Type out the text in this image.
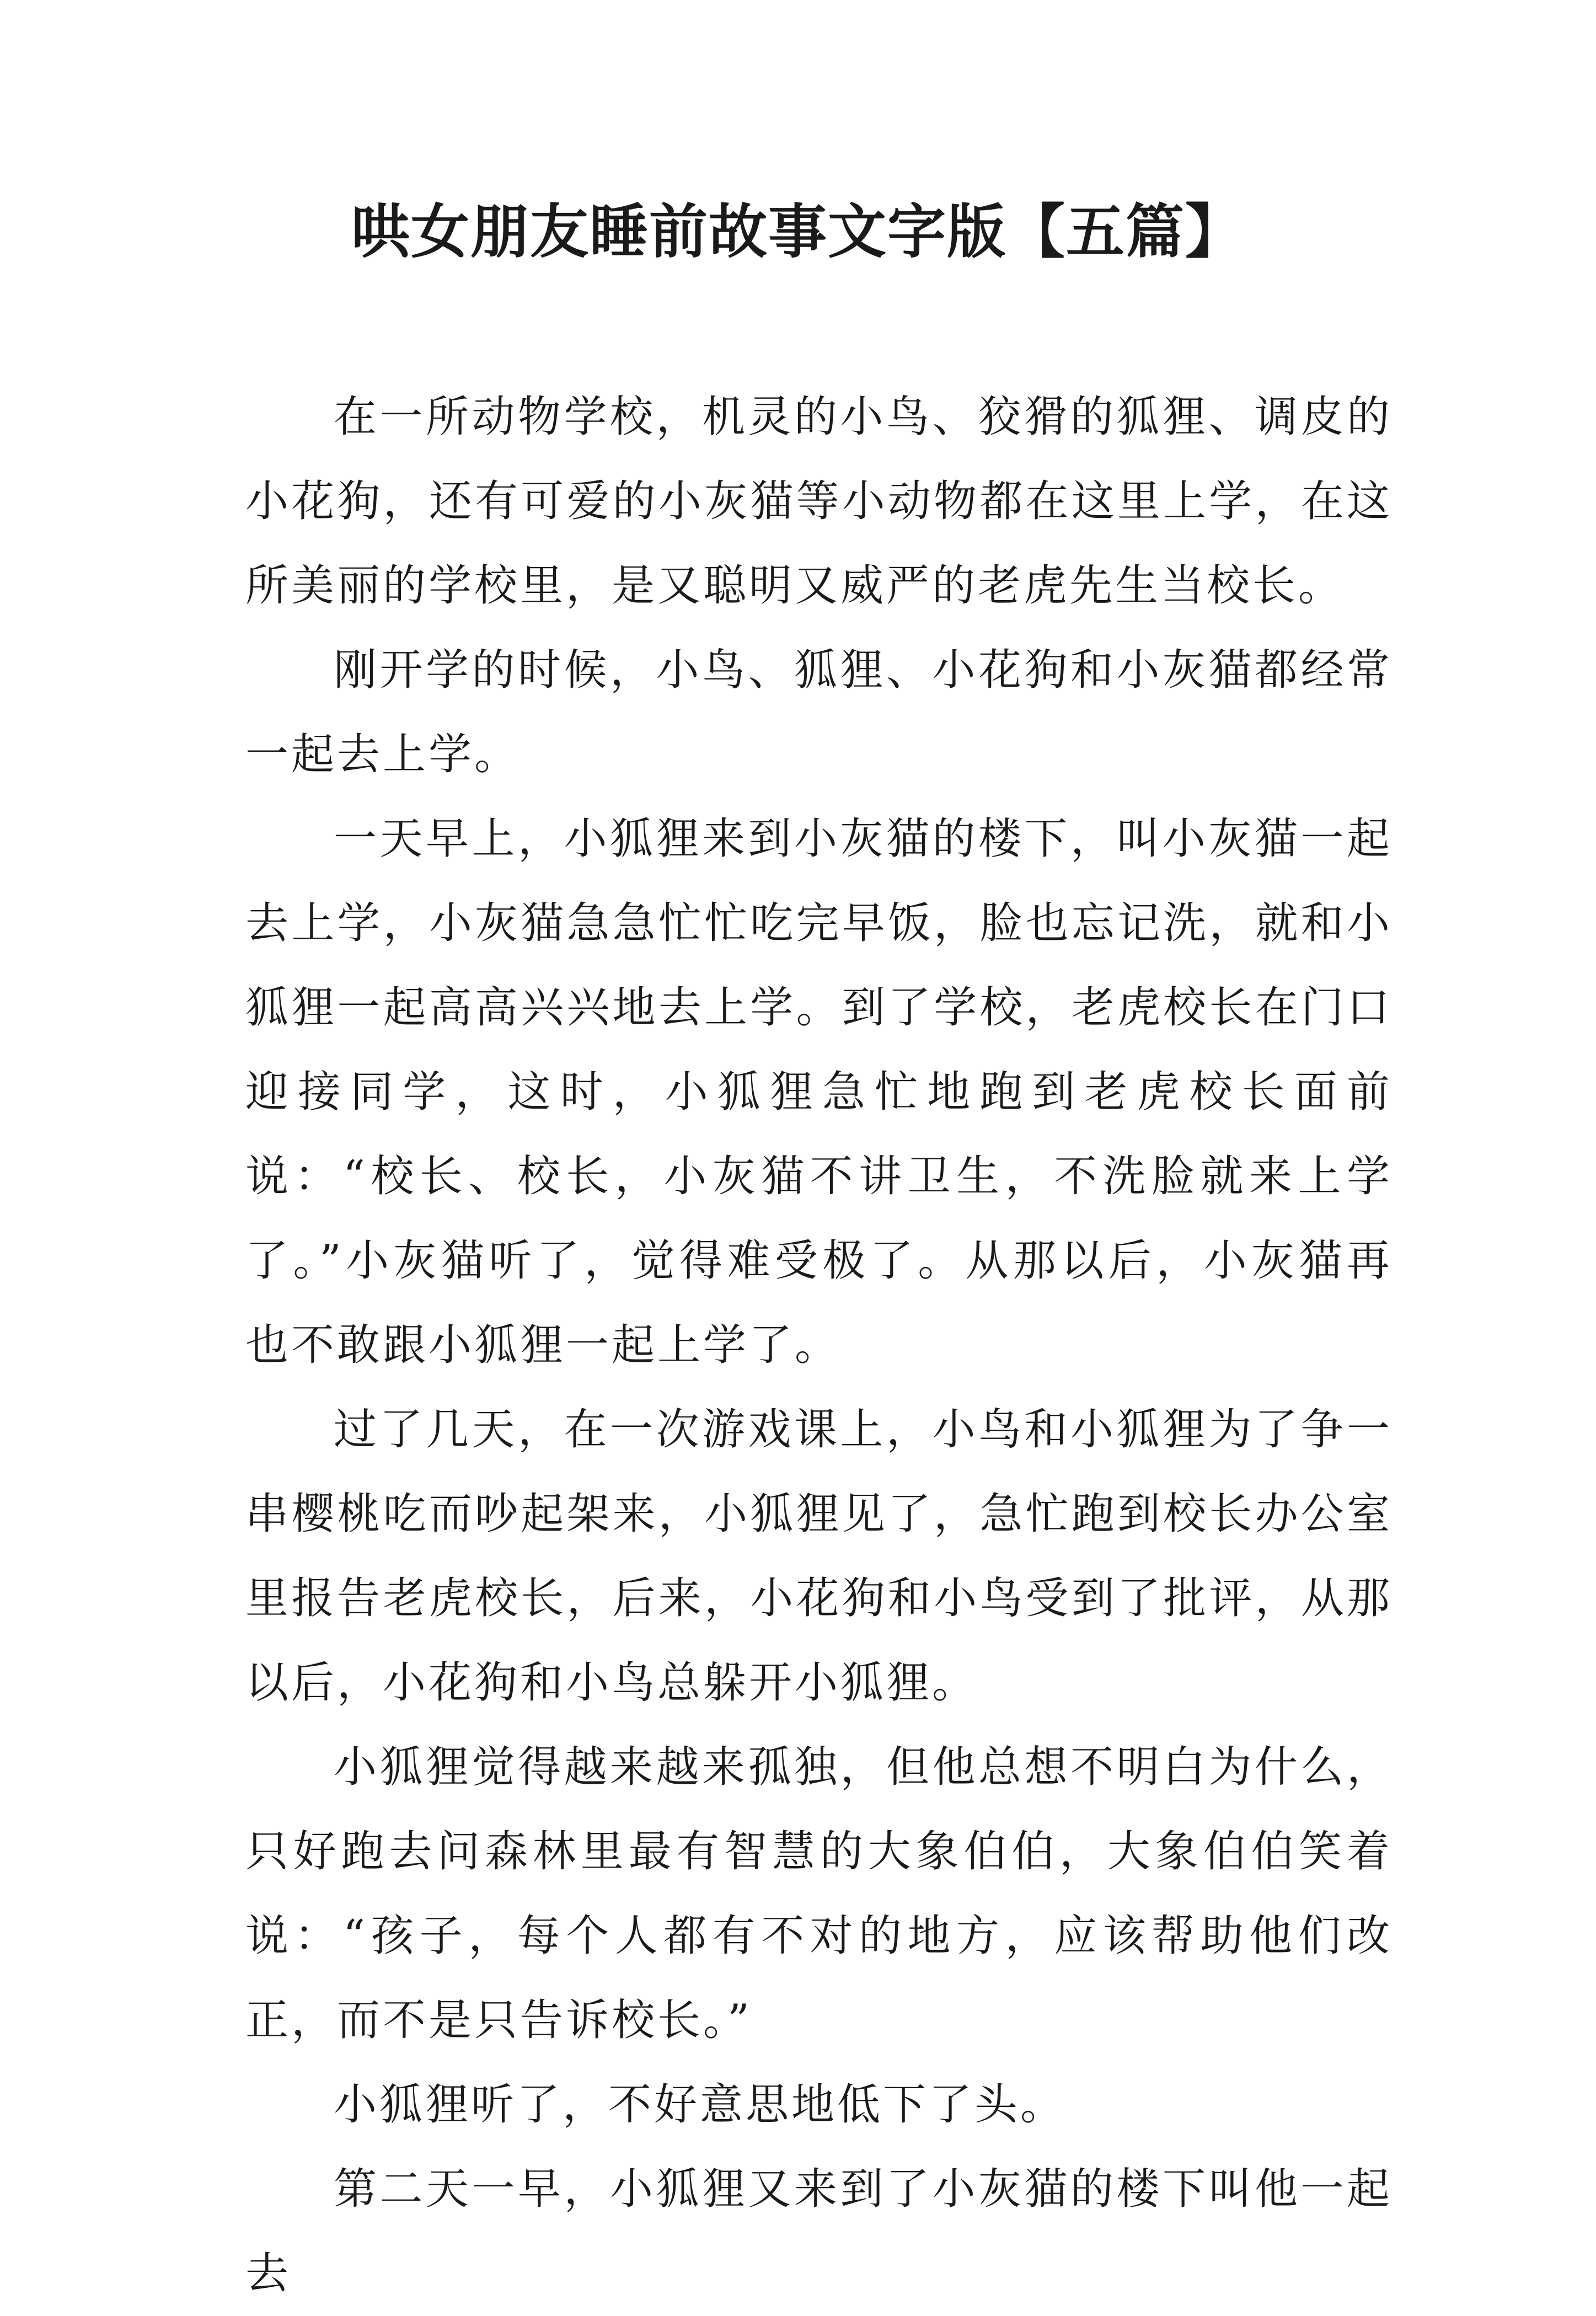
哄女朋友睡前故事文字版【五篇】

在一所动物学校，机灵的小鸟、狡猾的狐狸、调皮的小花狗，还有可爱的小灰猫等小动物都在这里上学，在这所美丽的学校里，是又聪明又威严的老虎先生当校长。

刚开学的时候，小鸟、狐狸、小花狗和小灰猫都经常一起去上学。

一天早上，小狐狸来到小灰猫的楼下，叫小灰猫一起去上学，小灰猫急急忙忙吃完早饭，脸也忘记洗，就和小狐狸一起高高兴兴地去上学。到了学校，老虎校长在门口迎接同学，这时，小狐狸急忙地跑到老虎校长面前说：“校长、校长，小灰猫不讲卫生，不洗脸就来上学了。”小灰猫听了，觉得难受极了。从那以后，小灰猫再也不敢跟小狐狸一起上学了。

过了几天，在一次游戏课上，小鸟和小狐狸为了争一串樱桃吃而吵起架来，小狐狸见了，急忙跑到校长办公室里报告老虎校长，后来，小花狗和小鸟受到了批评，从那以后，小花狗和小鸟总躲开小狐狸。

小狐狸觉得越来越来孤独，但他总想不明白为什么，只好跑去问森林里最有智慧的大象伯伯，大象伯伯笑着说：“孩子，每个人都有不对的地方，应该帮助他们改正，而不是只告诉校长。”

小狐狸听了，不好意思地低下了头。

第二天一早，小狐狸又来到了小灰猫的楼下叫他一起去
